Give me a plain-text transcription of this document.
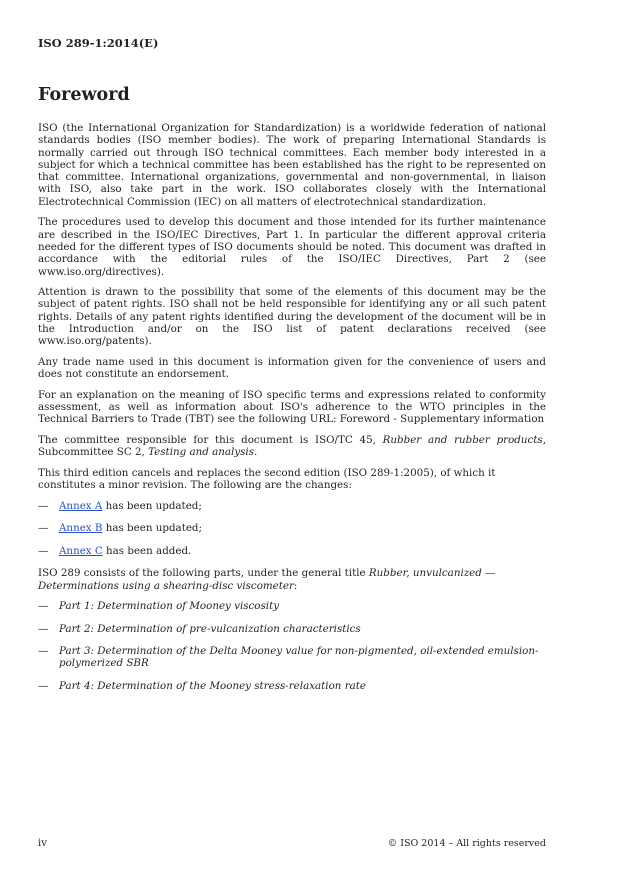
ISO 289-1:2014(E)
Foreword

ISO (the International Organization for Standardization) is a worldwide federation of national standards bodies (ISO member bodies). The work of preparing International Standards is normally carried out through ISO technical committees. Each member body interested in a subject for which a technical committee has been established has the right to be represented on that committee. International organizations, governmental and non-governmental, in liaison with ISO, also take part in the work. ISO collaborates closely with the International Electrotechnical Commission (IEC) on all matters of electrotechnical standardization.

The procedures used to develop this document and those intended for its further maintenance are described in the ISO/IEC Directives, Part 1. In particular the different approval criteria needed for the different types of ISO documents should be noted. This document was drafted in accordance with the editorial rules of the ISO/IEC Directives, Part 2 (see www.iso.org/directives).

Attention is drawn to the possibility that some of the elements of this document may be the subject of patent rights. ISO shall not be held responsible for identifying any or all such patent rights. Details of any patent rights identified during the development of the document will be in the Introduction and/or on the ISO list of patent declarations received (see www.iso.org/patents).

Any trade name used in this document is information given for the convenience of users and does not constitute an endorsement.

For an explanation on the meaning of ISO specific terms and expressions related to conformity assessment, as well as information about ISO's adherence to the WTO principles in the Technical Barriers to Trade (TBT) see the following URL: Foreword - Supplementary information

The committee responsible for this document is ISO/TC 45, Rubber and rubber products, Subcommittee SC 2, Testing and analysis.

This third edition cancels and replaces the second edition (ISO 289-1:2005), of which it constitutes a minor revision. The following are the changes:

—	Annex A has been updated;
—	Annex B has been updated;
—	Annex C has been added.

ISO 289 consists of the following parts, under the general title Rubber, unvulcanized — Determinations using a shearing-disc viscometer:

—	Part 1: Determination of Mooney viscosity
—	Part 2: Determination of pre-vulcanization characteristics
—	Part 3: Determination of the Delta Mooney value for non-pigmented, oil-extended emulsion-polymerized SBR
—	Part 4: Determination of the Mooney stress-relaxation rate
iv	© ISO 2014 – All rights reserved
